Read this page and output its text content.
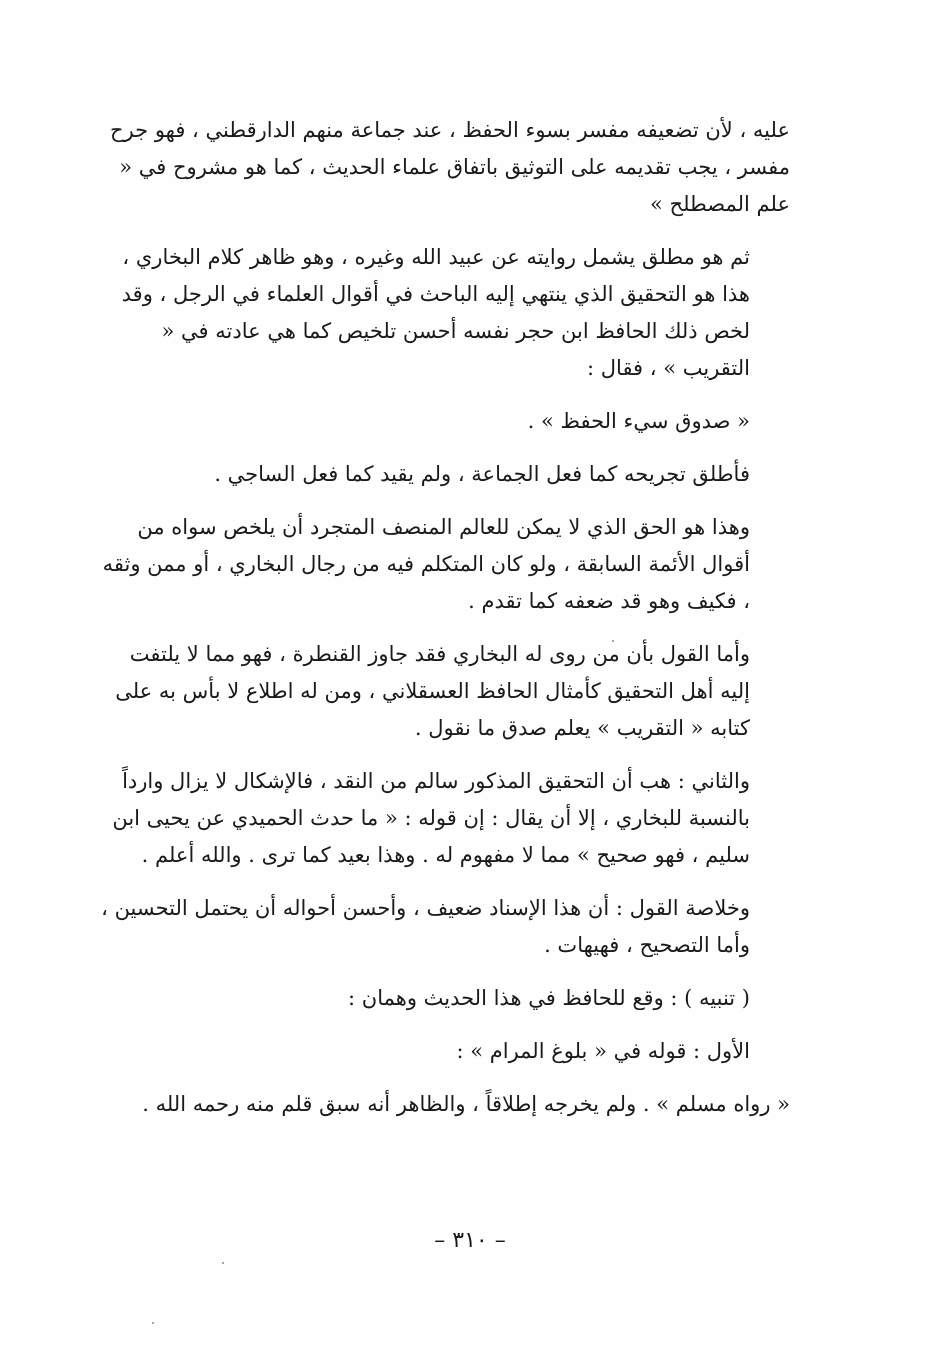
عليه ، لأن تضعيفه مفسر بسوء الحفظ ، عند جماعة منهم الدارقطني ، فهو جرح مفسر ، يجب تقديمه على التوثيق باتفاق علماء الحديث ، كما هو مشروح في « علم المصطلح »

ثم هو مطلق يشمل روايته عن عبيد الله وغيره ، وهو ظاهر كلام البخاري ، هذا هو التحقيق الذي ينتهي إليه الباحث في أقوال العلماء في الرجل ، وقد لخص ذلك الحافظ ابن حجر نفسه أحسن تلخيص كما هي عادته في « التقريب » ، فقال :

« صدوق سيء الحفظ » .

فأطلق تجريحه كما فعل الجماعة ، ولم يقيد كما فعل الساجي .

وهذا هو الحق الذي لا يمكن للعالم المنصف المتجرد أن يلخص سواه من أقوال الأئمة السابقة ، ولو كان المتكلم فيه من رجال البخاري ، أو ممن وثقه ، فكيف وهو قد ضعفه كما تقدم .

وأما القول بأن من روى له البخاري فقد جاوز القنطرة ، فهو مما لا يلتفت إليه أهل التحقيق كأمثال الحافظ العسقلاني ، ومن له اطلاع لا بأس به على كتابه « التقريب » يعلم صدق ما نقول .

والثاني : هب أن التحقيق المذكور سالم من النقد ، فالإشكال لا يزال وارداً بالنسبة للبخاري ، إلا أن يقال : إن قوله : « ما حدث الحميدي عن يحيى ابن سليم ، فهو صحيح » مما لا مفهوم له . وهذا بعيد كما ترى . والله أعلم .

وخلاصة القول : أن هذا الإسناد ضعيف ، وأحسن أحواله أن يحتمل التحسين ، وأما التصحيح ، فهيهات .

( تنبيه ) : وقع للحافظ في هذا الحديث وهمان :

الأول : قوله في « بلوغ المرام » :

« رواه مسلم » . ولم يخرجه إطلاقاً ، والظاهر أنه سبق قلم منه رحمه الله .

– ٣١٠ –
